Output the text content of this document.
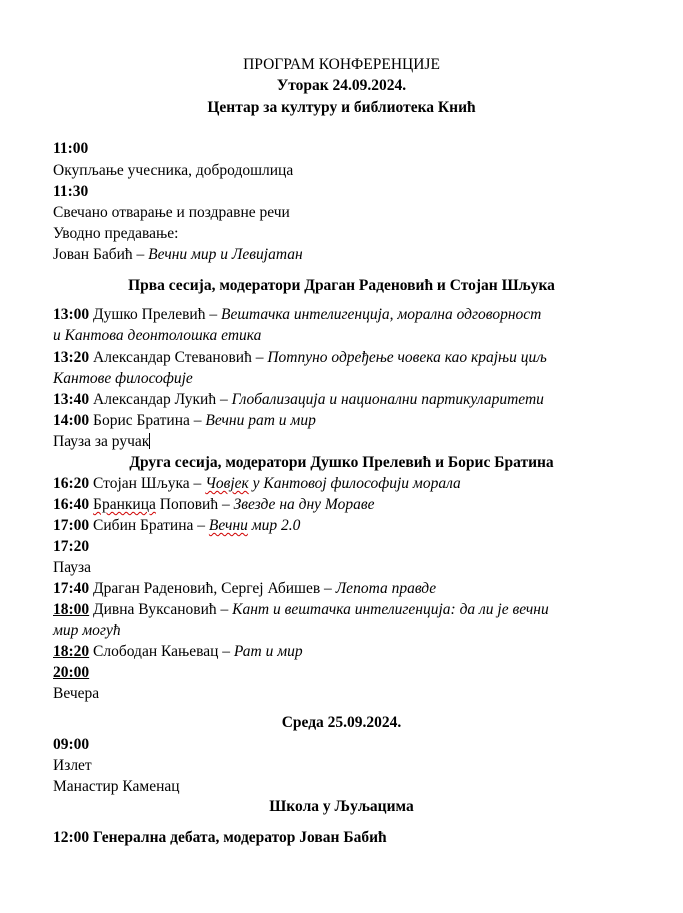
ПРОГРАМ КОНФЕРЕНЦИЈЕ
Уторак 24.09.2024.
Центар за културу и библиотека Кнић
11:00
Окупљање учесника, добродошлица
11:30
Свечано отварање и поздравне речи
Уводно предавање:
Јован Бабић – Вечни мир и Левијатан
Прва сесија, модератори Драган Раденовић и Стојан Шљука
13:00 Душко Прелевић – Вештачка интелигенција, морална одговорност
и Кантова деонтолошка етика
13:20 Александар Стевановић – Потпуно одређење човека као крајњи циљ
Кантове философије
13:40 Александар Лукић – Глобализација и национални партикуларитети
14:00 Борис Братина – Вечни рат и мир
Пауза за ручак
Друга сесија, модератори Душко Прелевић и Борис Братина
16:20 Стојан Шљука – Човјек у Кантовој философији морала
16:40 Бранкица Поповић – Звезде на дну Мораве
17:00 Сибин Братина – Вечни мир 2.0
17:20
Пауза
17:40 Драган Раденовић, Сергеј Абишев – Лепота правде
18:00 Дивна Вуксановић – Кант и вештачка интелигенција: да ли је вечни
мир могућ
18:20 Слободан Кањевац – Рат и мир
20:00
Вечера
Среда 25.09.2024.
09:00
Излет
Манастир Каменац
Школа у Љуљацима
12:00 Генерална дебата, модератор Јован Бабић
